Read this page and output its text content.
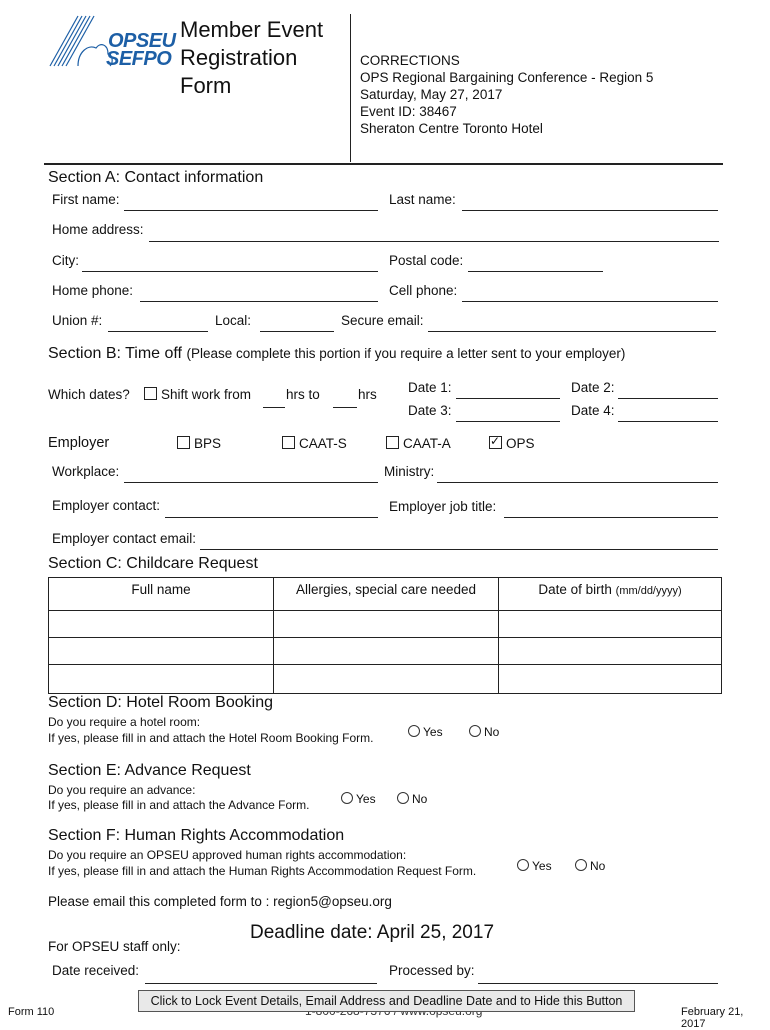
OPSEU
SEFPO
Member Event
Registration
Form
CORRECTIONS
OPS Regional Bargaining Conference - Region 5
Saturday, May 27, 2017
Event ID: 38467
Sheraton Centre Toronto Hotel
Section A: Contact information
First name:	Last name:
Home address:
City:	Postal code:
Home phone:	Cell phone:
Union #:	Local:	Secure email:
Section B: Time off (Please complete this portion if you require a letter sent to your employer)
Which dates?	Shift work from	hrs to	hrs Date 1:	Date 2:
Date 3:	Date 4:
Employer	BPS	CAAT-S	CAAT-A ✓	OPS
Workplace:	Ministry:
Employer contact:	Employer job title:
Employer contact email:
Section C: Childcare Request
Full name	Allergies, special care needed	Date of birth (mm/dd/yyyy)

Section D: Hotel Room Booking
Do you require a hotel room:
If yes, please fill in and attach the Hotel Room Booking Form.	Yes	No
Section E: Advance Request
Do you require an advance:
If yes, please fill in and attach the Advance Form.	Yes	No
Section F: Human Rights Accommodation
Do you require an OPSEU approved human rights accommodation:
If yes, please fill in and attach the Human Rights Accommodation Request Form.	Yes	No
Please email this completed form to : region5@opseu.org
Deadline date: April 25, 2017
For OPSEU staff only:
Date received:	Processed by:
Click to Lock Event Details, Email Address and Deadline Date and to Hide this Button
Form 110	February 21, 2017
